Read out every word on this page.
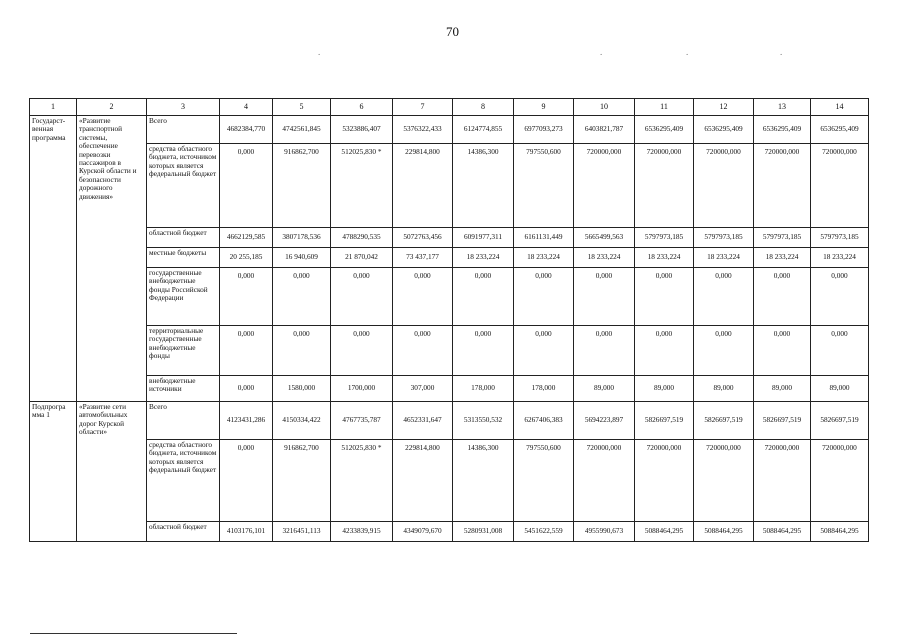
70
.	.	.	.
1	2	3	4	5	6	7	8	9	10	11	12	13	14
Государст-венная программа	«Развитие транспортной системы, обеспечение перевозки пассажиров в Курской области и безопасности дорожного движения»	Всего	4682384,770	4742561,845	5323886,407	5376322,433	6124774,855	6977093,273	6403821,787	6536295,409	6536295,409	6536295,409	6536295,409
		средства областного бюджета, источником которых является федеральный бюджет	0,000	916862,700	512025,830 *	229814,800	14386,300	797550,600	720000,000	720000,000	720000,000	720000,000	720000,000
		областной бюджет	4662129,585	3807178,536	4788290,535	5072763,456	6091977,311	6161131,449	5665499,563	5797973,185	5797973,185	5797973,185	5797973,185
		местные бюджеты	20 255,185	16 940,609	21 870,042	73 437,177	18 233,224	18 233,224	18 233,224	18 233,224	18 233,224	18 233,224	18 233,224
		государственные внебюджетные фонды Российской Федерации	0,000	0,000	0,000	0,000	0,000	0,000	0,000	0,000	0,000	0,000	0,000
		территориальные государственные внебюджетные фонды	0,000	0,000	0,000	0,000	0,000	0,000	0,000	0,000	0,000	0,000	0,000
		внебюджетные источники	0,000	1580,000	1700,000	307,000	178,000	178,000	89,000	89,000	89,000	89,000	89,000
Подпрогра мма 1	«Развитие сети автомобильных дорог Курской области»	Всего	4123431,286	4150334,422	4767735,787	4652331,647	5313550,532	6267406,383	5694223,897	5826697,519	5826697,519	5826697,519	5826697,519
		средства областного бюджета, источником которых является федеральный бюджет	0,000	916862,700	512025,830 *	229814,800	14386,300	797550,600	720000,000	720000,000	720000,000	720000,000	720000,000
		областной бюджет	4103176,101	3216451,113	4233839,915	4349079,670	5280931,008	5451622,559	4955990,673	5088464,295	5088464,295	5088464,295	5088464,295
